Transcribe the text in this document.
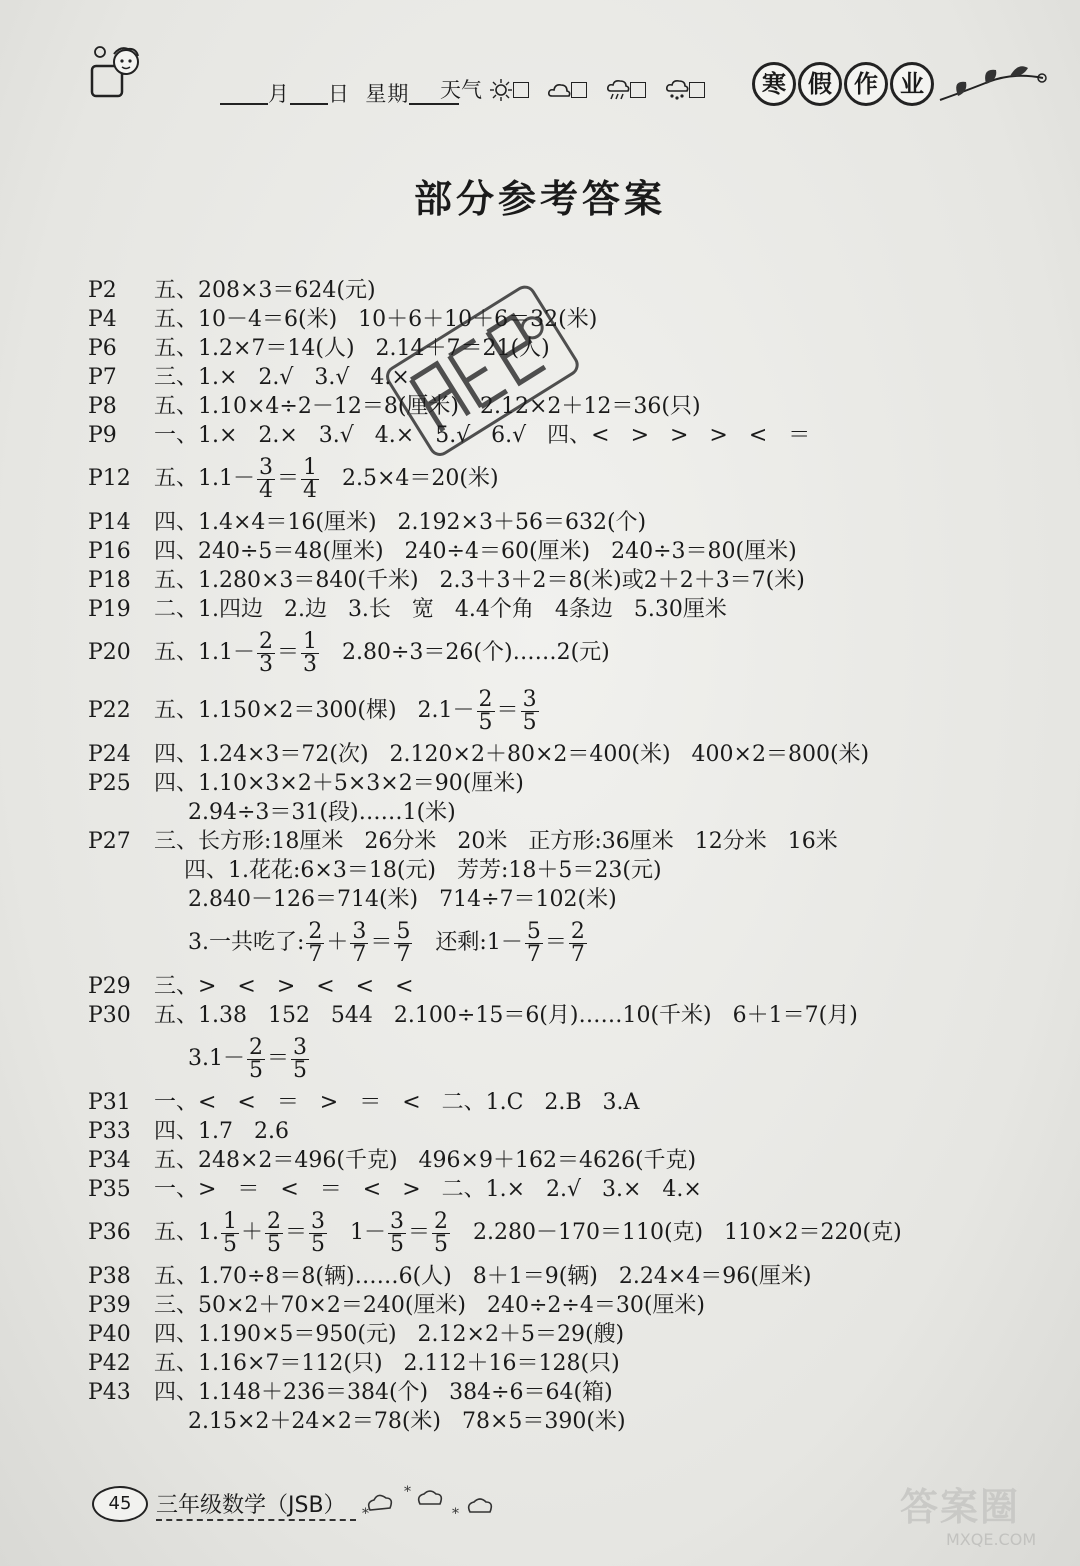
月 日 星期	天气	寒 假 作 业
部分参考答案
P2	五、208×3＝624(元)
P4	五、10－4＝6(米)   10＋6＋10＋6＝32(米)
P6	五、1.2×7＝14(人)   2.14＋7＝21(人)
P7	三、1.×   2.√   3.√   4.×
P8	五、1.10×4÷2－12＝8(厘米)   2.12×2＋12＝36(只)
P9	一、1.×   2.×   3.√   4.×   5.√   6.√   四、<   >   >   >   <   ＝
P12	五、$1.1- \frac{3}{4} = \frac{1}{4} 2.5\times 4=20$(米)
P14	四、1.4×4＝16(厘米)   2.192×3＋56＝632(个)
P16	四、240÷5＝48(厘米)   240÷4＝60(厘米)   240÷3＝80(厘米)
P18	五、1.280×3＝840(千米)   2.3＋3＋2＝8(米)或2＋2＋3＝7(米)
P19	二、1.四边   2.边   3.长   宽   4.4个角   4条边   5.30厘米
P20	五、$1.1- \frac{2}{3} = \frac{1}{3} 2.80\div 3=26$(个)……2(元)
P22	五、1.150×2＝300(棵)   $2.1- \frac{2}{5} = \frac{3}{5}$
P24	四、1.24×3＝72(次)   2.120×2＋80×2＝400(米)   400×2＝800(米)
P25	四、1.10×3×2＋5×3×2＝90(厘米)
2.94÷3＝31(段)……1(米)
P27	三、长方形:18厘米   26分米   20米   正方形:36厘米   12分米   16米
四、1.花花:6×3＝18(元)   芳芳:18＋5＝23(元)
2.840－126＝714(米)   714÷7＝102(米)
3.一共吃了: $\frac{2}{7} + \frac{3}{7} = \frac{5}{7}$ 还剩:1－ $\frac{5}{7} = \frac{2}{7}$
P29	三、>   <   >   <   <   <
P30	五、1.38   152   544   2.100÷15＝6(月)……10(千米)   6＋1＝7(月)
$3.1- \frac{2}{5} = \frac{3}{5}$
P31	一、<   <   ＝   >   ＝   <   二、1.C   2.B   3.A
P33	四、1.7   2.6
P34	五、248×2＝496(千克)   496×9＋162＝4626(千克)
P35	一、>   ＝   <   ＝   <   >   二、1.×   2.√   3.×   4.×
P36	五、1. $\frac{1}{5} + \frac{2}{5} = \frac{3}{5} 1- \frac{3}{5} = \frac{2}{5} 2.280-170=110$(克)   110×2＝220(克)
P38	五、1.70÷8＝8(辆)……6(人)   8＋1＝9(辆)   2.24×4＝96(厘米)
P39	三、50×2＋70×2＝240(厘米)   240÷2÷4＝30(厘米)
P40	四、1.190×5＝950(元)   2.12×2＋5＝29(艘)
P42	五、1.16×7＝112(只)   2.112＋16＝128(只)
P43	四、1.148＋236＝384(个)   384÷6＝64(箱)
2.15×2＋24×2＝78(米)   78×5＝390(米)
45	三年级数学（JSB）	*
*
*	答案圈
MXQE.COM
